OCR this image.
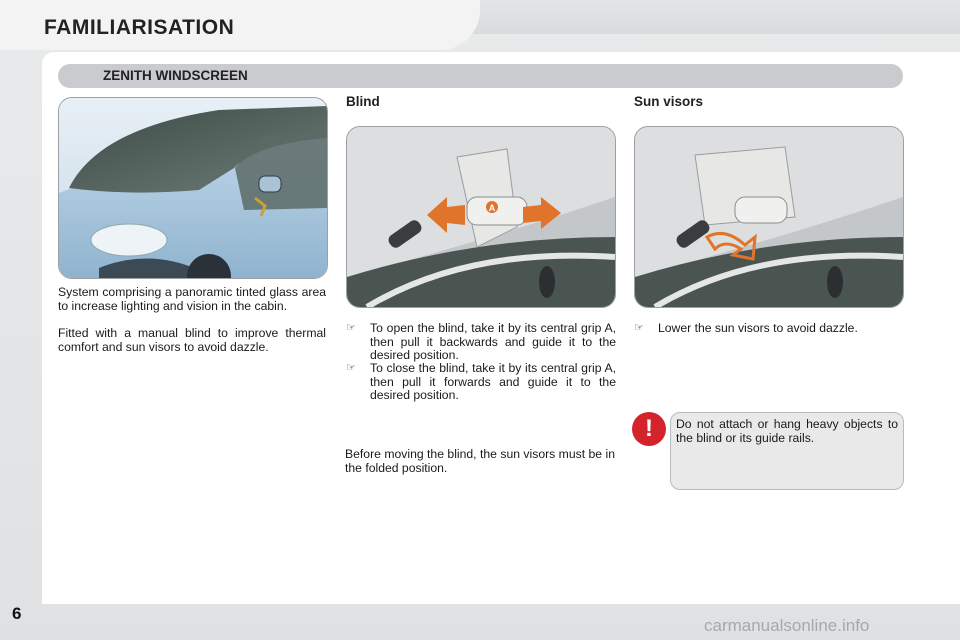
FAMILIARISATION
ZENITH WINDSCREEN
System comprising a panoramic tinted glass area to increase lighting and vision in the cabin.
Fitted with a manual blind to improve thermal comfort and sun visors to avoid dazzle.
Blind
A
☞ To open the blind, take it by its central grip A, then pull it backwards and guide it to the desired position.
☞ To close the blind, take it by its central grip A, then pull it forwards and guide it to the desired position.
Before moving the blind, the sun visors must be in the folded position.
Sun visors
☞ Lower the sun visors to avoid dazzle.
!	Do not attach or hang heavy objects to the blind or its guide rails.
6
carmanualsonline.info
